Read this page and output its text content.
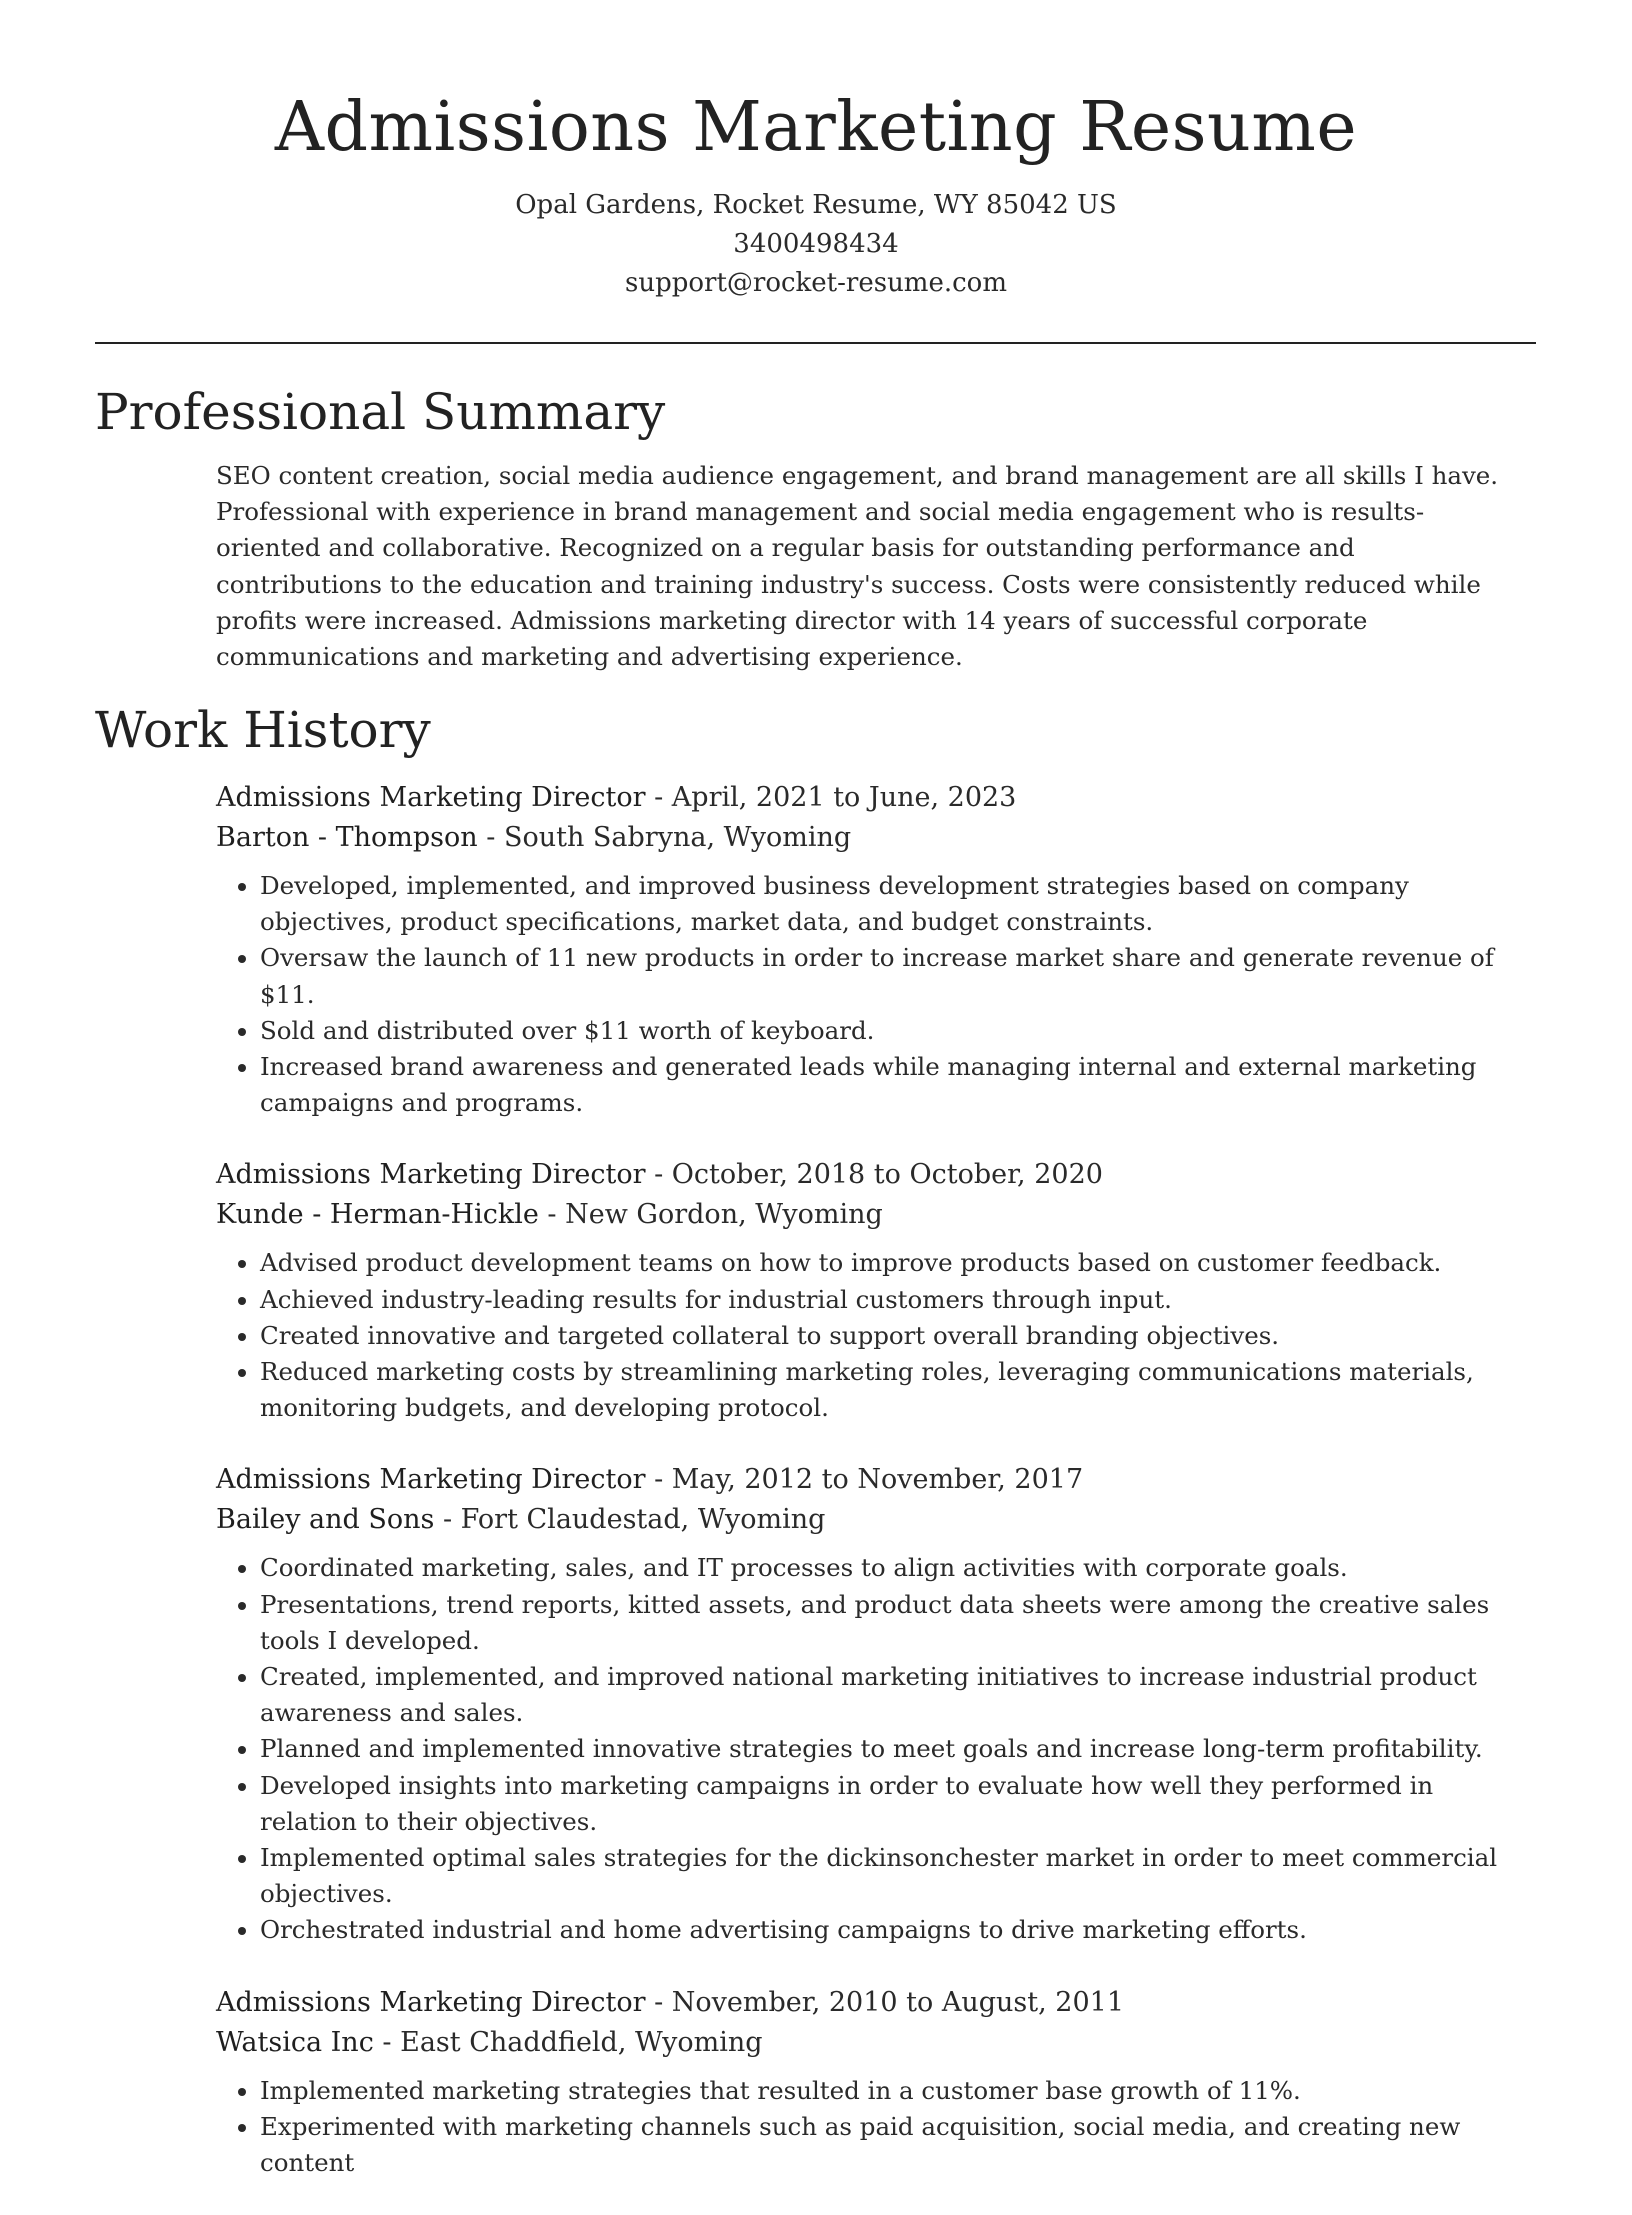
Admissions Marketing Resume
Opal Gardens, Rocket Resume, WY 85042 US
3400498434
support@rocket-resume.com
Professional Summary

SEO content creation, social media audience engagement, and brand management are all skills I have. Professional with experience in brand management and social media engagement who is results-oriented and collaborative. Recognized on a regular basis for outstanding performance and contributions to the education and training industry's success. Costs were consistently reduced while profits were increased. Admissions marketing director with 14 years of successful corporate communications and marketing and advertising experience.

Work History

Admissions Marketing Director - April, 2021 to June, 2023

Barton - Thompson - South Sabryna, Wyoming

• Developed, implemented, and improved business development strategies based on company objectives, product specifications, market data, and budget constraints.
• Oversaw the launch of 11 new products in order to increase market share and generate revenue of $11.
• Sold and distributed over $11 worth of keyboard.
• Increased brand awareness and generated leads while managing internal and external marketing campaigns and programs.

Admissions Marketing Director - October, 2018 to October, 2020

Kunde - Herman-Hickle - New Gordon, Wyoming

• Advised product development teams on how to improve products based on customer feedback.
• Achieved industry-leading results for industrial customers through input.
• Created innovative and targeted collateral to support overall branding objectives.
• Reduced marketing costs by streamlining marketing roles, leveraging communications materials, monitoring budgets, and developing protocol.

Admissions Marketing Director - May, 2012 to November, 2017

Bailey and Sons - Fort Claudestad, Wyoming

• Coordinated marketing, sales, and IT processes to align activities with corporate goals.
• Presentations, trend reports, kitted assets, and product data sheets were among the creative sales tools I developed.
• Created, implemented, and improved national marketing initiatives to increase industrial product awareness and sales.
• Planned and implemented innovative strategies to meet goals and increase long-term profitability.
• Developed insights into marketing campaigns in order to evaluate how well they performed in relation to their objectives.
• Implemented optimal sales strategies for the dickinsonchester market in order to meet commercial objectives.
• Orchestrated industrial and home advertising campaigns to drive marketing efforts.

Admissions Marketing Director - November, 2010 to August, 2011

Watsica Inc - East Chaddfield, Wyoming

• Implemented marketing strategies that resulted in a customer base growth of 11%.
• Experimented with marketing channels such as paid acquisition, social media, and creating new content
